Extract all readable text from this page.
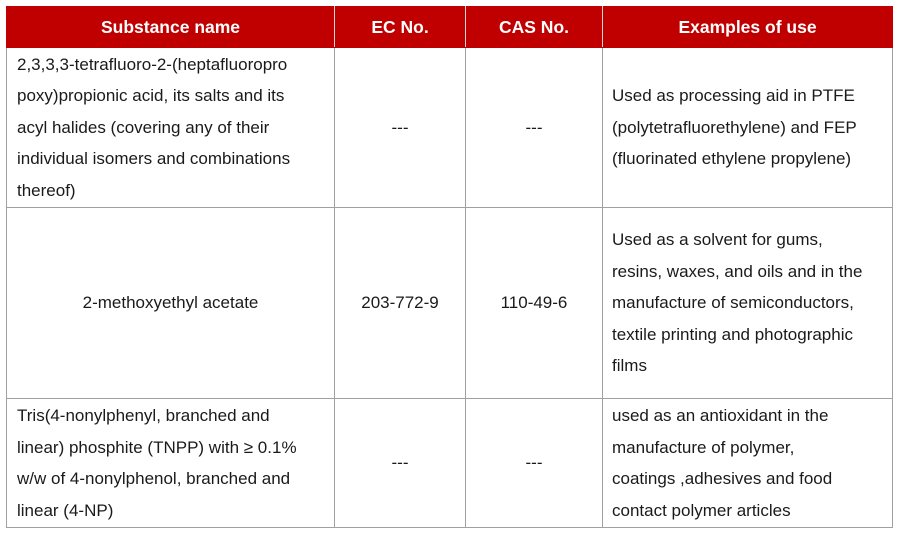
Substance name	EC No.	CAS No.	Examples of use

2,3,3,3-tetrafluoro-2-(heptafluoropro
poxy)propionic acid, its salts and its
acyl halides (covering any of their
individual isomers and combinations
thereof)	---	---	Used as processing aid in PTFE
(polytetrafluorethylene) and FEP
(fluorinated ethylene propylene)

2-methoxyethyl acetate	203-772-9	110-49-6	Used as a solvent for gums,
resins, waxes, and oils and in the
manufacture of semiconductors,
textile printing and photographic
films

Tris(4-nonylphenyl, branched and
linear) phosphite (TNPP) with ≥ 0.1%
w/w of 4-nonylphenol, branched and
linear (4-NP)	---	---	used as an antioxidant in the
manufacture of polymer,
coatings ,adhesives and food
contact polymer articles
